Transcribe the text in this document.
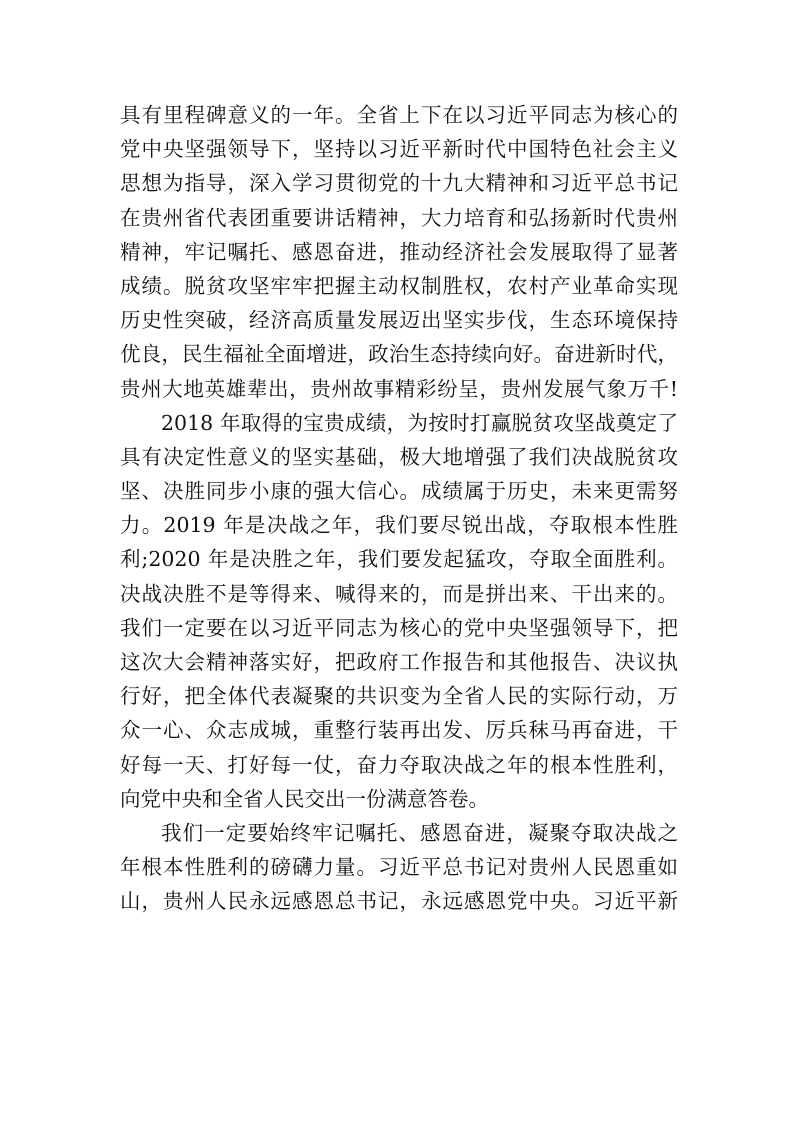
具有里程碑意义的一年。全省上下在以习近平同志为核心的
党中央坚强领导下，坚持以习近平新时代中国特色社会主义
思想为指导，深入学习贯彻党的十九大精神和习近平总书记
在贵州省代表团重要讲话精神，大力培育和弘扬新时代贵州
精神，牢记嘱托、感恩奋进，推动经济社会发展取得了显著
成绩。脱贫攻坚牢牢把握主动权制胜权，农村产业革命实现
历史性突破，经济高质量发展迈出坚实步伐，生态环境保持
优良，民生福祉全面增进，政治生态持续向好。奋进新时代，
贵州大地英雄辈出，贵州故事精彩纷呈，贵州发展气象万千!
2018 年取得的宝贵成绩，为按时打赢脱贫攻坚战奠定了
具有决定性意义的坚实基础，极大地增强了我们决战脱贫攻
坚、决胜同步小康的强大信心。成绩属于历史，未来更需努
力。2019 年是决战之年，我们要尽锐出战，夺取根本性胜
利;2020 年是决胜之年，我们要发起猛攻，夺取全面胜利。
决战决胜不是等得来、喊得来的，而是拼出来、干出来的。
我们一定要在以习近平同志为核心的党中央坚强领导下，把
这次大会精神落实好，把政府工作报告和其他报告、决议执
行好，把全体代表凝聚的共识变为全省人民的实际行动，万
众一心、众志成城，重整行装再出发、厉兵秣马再奋进，干
好每一天、打好每一仗，奋力夺取决战之年的根本性胜利，
向党中央和全省人民交出一份满意答卷。
我们一定要始终牢记嘱托、感恩奋进，凝聚夺取决战之
年根本性胜利的磅礴力量。习近平总书记对贵州人民恩重如
山，贵州人民永远感恩总书记，永远感恩党中央。习近平新
